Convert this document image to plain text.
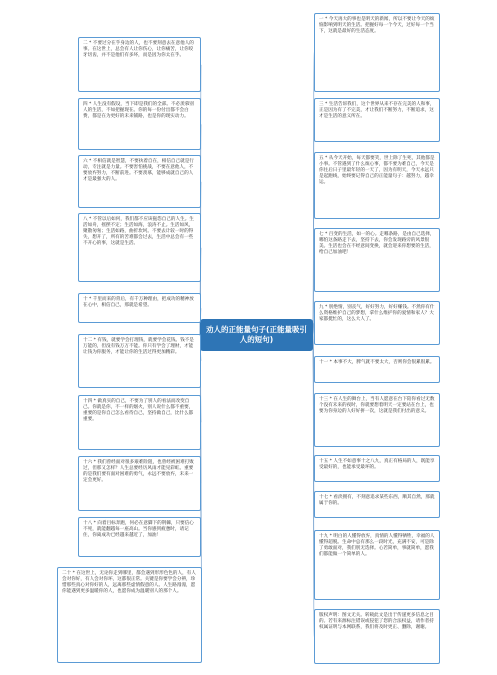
劝人的正能量句子(正能量吸引人的短句)
二 * 不要过分在乎身边的人，也不要刻意去在意他人的事。在这世上，总会有人让你伤心，让你痛苦，让你咬牙切齿，并不是他们有多坏，而是因为你太在乎。
四 * 人生没有假设，当下即是我们的全部。不必羡慕别人的生活，不如把握现在。你的每一份付出都不会白费，都是在为更好的未来铺路，也是你的现实动力。
六 * 不相信就是智慧，不要执着自在，相信自己就是行动，专注就是力量。不要害怕挑战，不要在意他人，不要放弃努力，不断前进。不要羡慕，能够成就自己的人才是最强大的人。
八 * 不管以后如何，我们都不应该拖怨自己的人生。生活如舟，摇摆不定；生活如海，浪涛不止。生活如风，聚散匆匆；生活如路，曲折坎坷。不要去计较一时的得失，想开了，所有的苦难都会过去，生活中总会有一些不开心的事，这就是生活。
十 * 千里而来的背后，有千万种理由，把成功的精神放在心中，相信自己，那就是希望。
十二 * 有钱，就要学会打理钱，就要学会花钱。钱不是万能的，但没有钱万万不能。你只有学会了理财，才能让钱为你服务，才能让你的生活过得更加精彩。
十四 * 做真实的自己，不要为了别人的看法而改变自己。你就是你，不一样的烟火，别人说什么都不重要，重要的是你自己怎么看待自己，坚持做自己，比什么都重要。
十六 * 我们曾经面对很多艰难险阻，也曾经被困难打败过，但那又怎样？人生总要经历风雨才能见彩虹。重要的是我们要有面对困难的勇气，永远不要放弃，未来一定会更好。
十八 * 向着目标奔跑，何必在意脚下的荆棘，只要信心不死，就能翻越每一座高山。当你感到疲惫时，请记住，你离成功已经越来越近了，加油！
二十 * 在这世上，无论你走到哪里，都会遇到形形色色的人，有人会对你好，有人会对你坏，这都很正常。关键是你要学会分辨，珍惜那些真心对你好的人，远离那些虚情假意的人。人生路漫漫，愿你能遇到更多温暖你的人，也愿你成为温暖别人的那个人。
一 * 今天再大的事也是明天的新闻，所以不要让今天的烦恼影响到明天的生活。把握好每一个今天，过好每一个当下，这就是最好的生活态度。
三 * 生活告诉我们，这个世界从来不存在完美的人和事，正是因为有了不完美，才让我们不断努力，不断追求，这才是生活的意义所在。
五 * 从今天开始，每天都要笑，世上除了生死，其他都是小事。不管遇到了什么烦心事，都不要为难自己，今天是你往后日子里最年轻的一天了，因为有明天，今天永远只是起跑线，始终要记得自己的正能量句子：越努力，越幸运。
七 * 百变的生活，如一的心。走哪条路，是由自己选择，哪怕这条路走下去，坚持下去，你会发现路旁的风景很美。生活也会在不经意间变换，就会迎来你想要的生活，给自己加油吧！
九 * 别绝情，别丧气，好好努力，好好赚钱。不然你有什么资格维护自己的梦想，拿什么维护你的爱情和家人？大家都挺忙的，这么大人了。
十一 * 本事不大，脾气就不要太大，否则你会很累很累。
十三 * 在人生的舞台上，当有人愿意在台下陪你看过无数个没有未来的夜时，你就要想着明天一定要站在台上，也要为你身边的人好好拼一次，这就是我们付出的意义。
十五 * 人生不如意事十之八九，真正有格局的人，既能享受最好的，也能承受最坏的。
十七 * 看淡拥有，不刻意追求某些东西，顺其自然，那就属于你的。
十九 * 明白的人懂得放弃，真情的人懂得牺牲，幸福的人懂得超脱。生命中总有那么一段时光，充满不安，可是除了勇敢面对，我们别无选择。心若简单，事就简单，愿我们都能做一个简单的人。
版权声明：图文无关。转载此文是出于传递更多信息之目的。若有来源标注错误或侵犯了您的合法权益，请作者持权属证明与本网联系，我们将及时更正、删除，谢谢。
